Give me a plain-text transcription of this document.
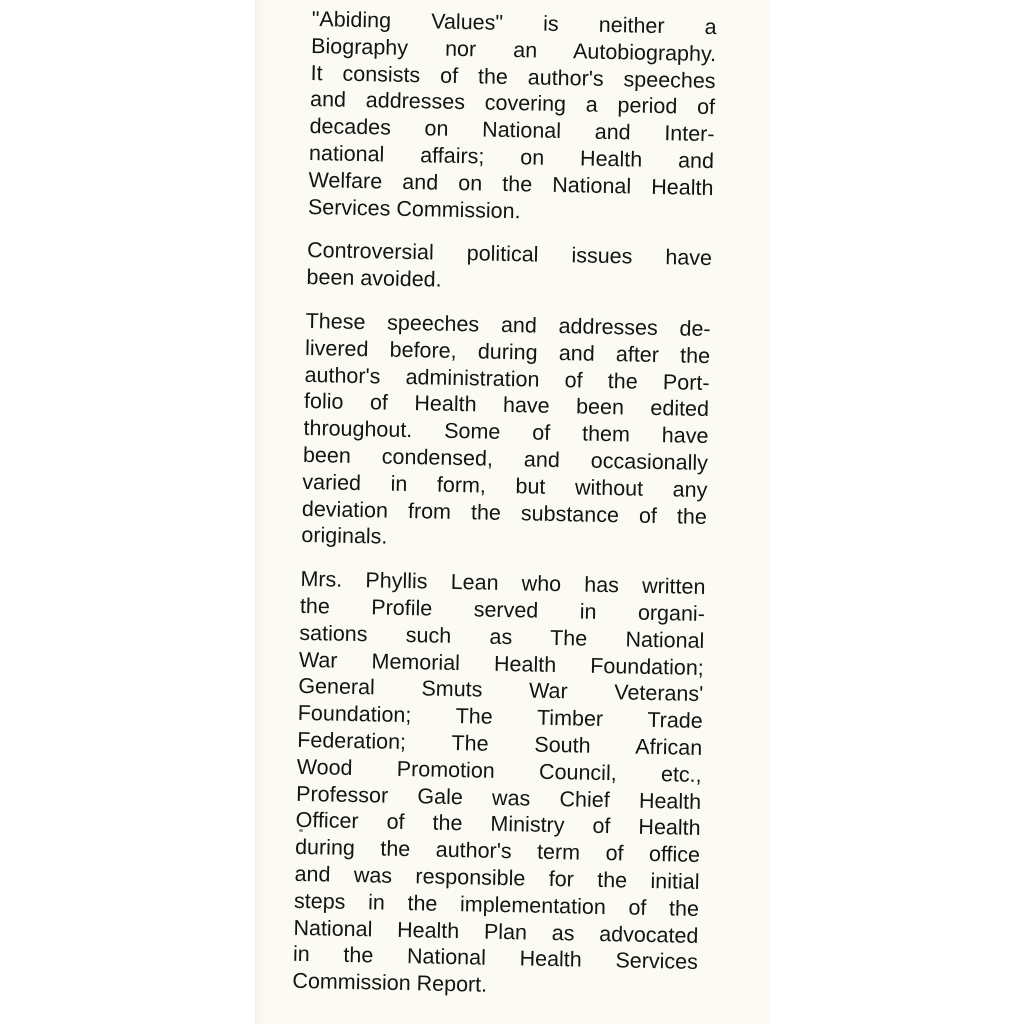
"Abiding Values" is neither a
Biography nor an Autobiography.
It consists of the author's speeches
and addresses covering a period of
decades on National and Inter-
national affairs; on Health and
Welfare and on the National Health
Services Commission.
Controversial political issues have
been avoided.
These speeches and addresses de-
livered before, during and after the
author's administration of the Port-
folio of Health have been edited
throughout. Some of them have
been condensed, and occasionally
varied in form, but without any
deviation from the substance of the
originals.
Mrs. Phyllis Lean who has written
the Profile served in organi-
sations such as The National
War Memorial Health Foundation;
General Smuts War Veterans'
Foundation; The Timber Trade
Federation; The South African
Wood Promotion Council, etc.,
Professor Gale was Chief Health
Officer of the Ministry of Health
during the author's term of office
and was responsible for the initial
steps in the implementation of the
National Health Plan as advocated
in the National Health Services
Commission Report.
